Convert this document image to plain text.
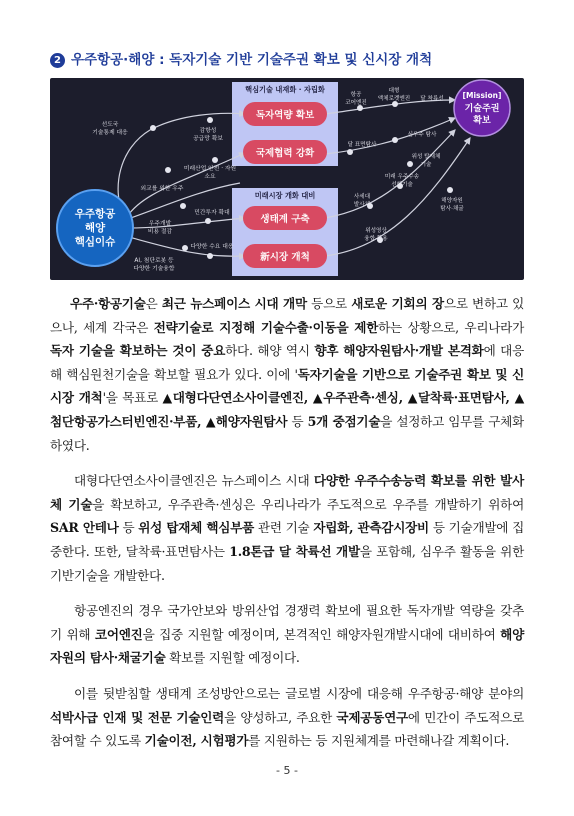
2 우주항공·해양 : 독자기술 기반 기술주권 확보 및 신시장 개척
핵심기술 내재화 · 자립화
미래시장 개화 대비
우주항공
해양
핵심이슈
독자역량 확보
국제협력 강화
생태계 구축
新시장 개척
[Mission]
기술주권
확보
선도국
기술통제 대응
외교를 위한 우주
우주개발
비용 절감
AI, 첨단로봇 등
다양한 기술융합
감항성
공급망 확보
미래산업 안전 · 자원
소요
민간투자 확대
다양한 수요 대응
항공
코어엔진
대형
액체로켓엔진 달 착륙선
달 표면탐사
심우주 탐사
위성 탑재체
기술
미래 우주수송
선행기술
사세대
발사체
위성영상
융합·활용
해양자원
탐사·채굴

우주·항공기술은 최근 뉴스페이스 시대 개막 등으로 새로운 기회의 장으로 변하고 있으나, 세계 각국은 전략기술로 지정해 기술수출·이동을 제한하는 상황으로, 우리나라가 독자 기술을 확보하는 것이 중요하다. 해양 역시 향후 해양자원탐사·개발 본격화에 대응해 핵심원천기술을 확보할 필요가 있다. 이에 '독자기술을 기반으로 기술주권 확보 및 신시장 개척'을 목표로 ▲대형다단연소사이클엔진, ▲우주관측·센싱, ▲달착륙·표면탐사, ▲첨단항공가스터빈엔진·부품, ▲해양자원탐사 등 5개 중점기술을 설정하고 임무를 구체화하였다.

대형다단연소사이클엔진은 뉴스페이스 시대 다양한 우주수송능력 확보를 위한 발사체 기술을 확보하고, 우주관측·센싱은 우리나라가 주도적으로 우주를 개발하기 위하여 SAR 안테나 등 위성 탑재체 핵심부품 관련 기술 자립화, 관측감시장비 등 기술개발에 집중한다. 또한, 달착륙·표면탐사는 1.8톤급 달 착륙선 개발을 포함해, 심우주 활동을 위한 기반기술을 개발한다.

항공엔진의 경우 국가안보와 방위산업 경쟁력 확보에 필요한 독자개발 역량을 갖추기 위해 코어엔진을 집중 지원할 예정이며, 본격적인 해양자원개발시대에 대비하여 해양자원의 탐사·채굴기술 확보를 지원할 예정이다.

이를 뒷받침할 생태계 조성방안으로는 글로벌 시장에 대응해 우주항공·해양 분야의 석박사급 인재 및 전문 기술인력을 양성하고, 주요한 국제공동연구에 민간이 주도적으로 참여할 수 있도록 기술이전, 시험평가를 지원하는 등 지원체계를 마련해나갈 계획이다.

- 5 -
